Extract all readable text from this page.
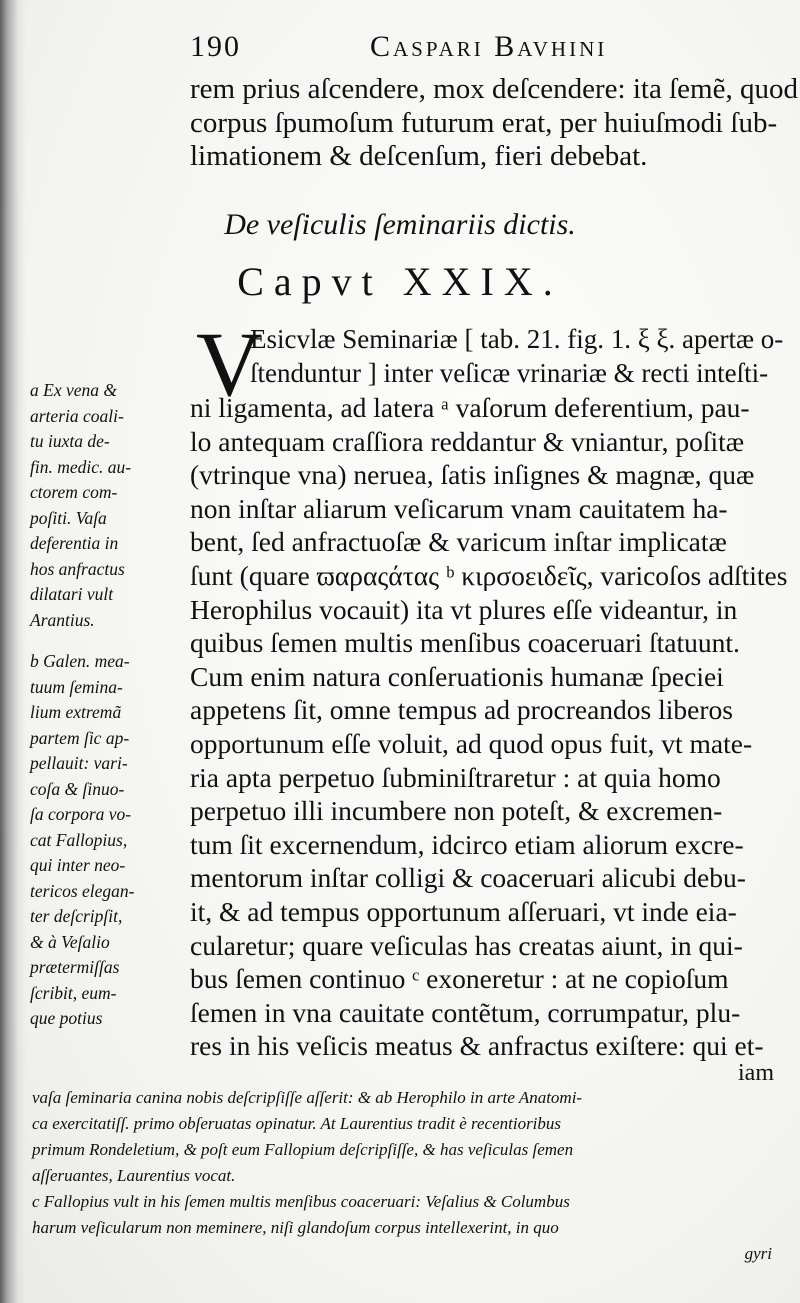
190	Caspari Bavhini
rem prius aſcendere, mox deſcendere: ita ſemẽ, quod
corpus ſpumoſum futurum erat, per huiuſmodi ſub-
limationem & deſcenſum, fieri debebat.
De veſiculis ſeminariis dictis.
Capvt XXIX.
V
Esicvlæ Seminariæ [ tab. 21. fig. 1. ξ ξ. apertæ o-
ſtenduntur ] inter veſicæ vrinariæ & recti inteſti-
ni ligamenta, ad latera ᵃ vaſorum deferentium, pau-
lo antequam craſſiora reddantur & vniantur, poſitæ
(vtrinque vna) neruea, ſatis inſignes & magnæ, quæ
non inſtar aliarum veſicarum vnam cauitatem ha-
bent, ſed anfractuoſæ & varicum inſtar implicatæ
ſunt (quare ϖαραςάτας ᵇ κιρσοειδεῖς, varicoſos adſtites
Herophilus vocauit) ita vt plures eſſe videantur, in
quibus ſemen multis menſibus coaceruari ſtatuunt.
Cum enim natura conſeruationis humanæ ſpeciei
appetens ſit, omne tempus ad procreandos liberos
opportunum eſſe voluit, ad quod opus fuit, vt mate-
ria apta perpetuo ſubminiſtraretur : at quia homo
perpetuo illi incumbere non poteſt, & excremen-
tum ſit excernendum, idcirco etiam aliorum excre-
mentorum inſtar colligi & coaceruari alicubi debu-
it, & ad tempus opportunum aſſeruari, vt inde eia-
cularetur; quare veſiculas has creatas aiunt, in qui-
bus ſemen continuo ᶜ exoneretur : at ne copioſum
ſemen in vna cauitate contẽtum, corrumpatur, plu-
res in his veſicis meatus & anfractus exiſtere: qui et-
iam
a Ex vena &
arteria coali-
tu iuxta de-
fin. medic. au-
ctorem com-
poſiti. Vaſa
deferentia in
hos anfractus
dilatari vult
Arantius.
b Galen. mea-
tuum ſemina-
lium extremã
partem ſic ap-
pellauit: vari-
coſa & ſinuo-
ſa corpora vo-
cat Fallopius,
qui inter neo-
tericos elegan-
ter deſcripſit,
& à Veſalio
prætermiſſas
ſcribit, eum-
que potius
vaſa ſeminaria canina nobis deſcripſiſſe aſſerit: & ab Herophilo in arte Anatomi-
ca exercitatiſſ. primo obſeruatas opinatur. At Laurentius tradit è recentioribus
primum Rondeletium, & poſt eum Fallopium deſcripſiſſe, & has veſiculas ſemen
aſſeruantes, Laurentius vocat.
c Fallopius vult in his ſemen multis menſibus coaceruari: Veſalius & Columbus
harum veſicularum non meminere, niſi glandoſum corpus intellexerint, in quo
gyri
